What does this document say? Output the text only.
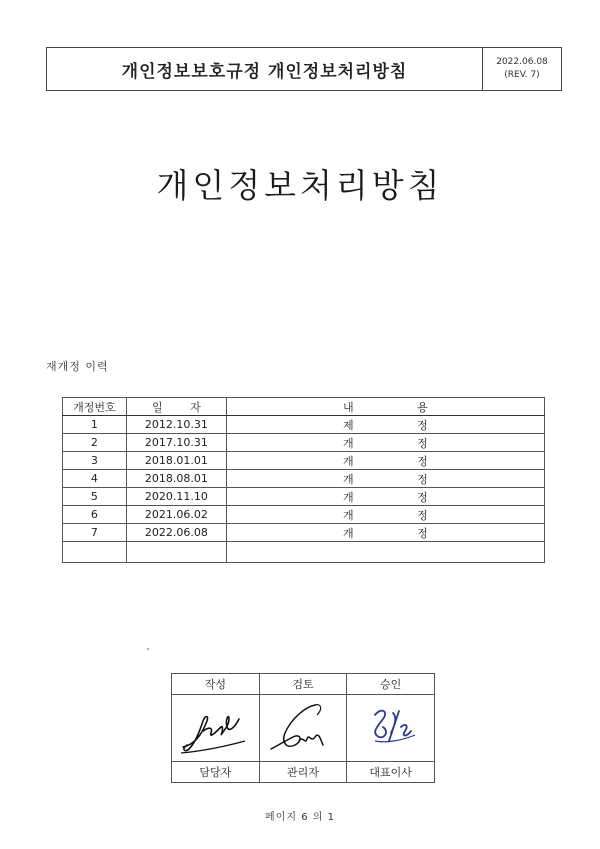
개인정보보호규정 개인정보처리방침	2022.06.08
(REV. 7)
개인정보처리방침
재개정 이력
개정번호	일 자	내 용
1	2012.10.31	제 정
2	2017.10.31	개 정
3	2018.01.01	개 정
4	2018.08.01	개 정
5	2020.11.10	개 정
6	2021.06.02	개 정
7	2022.06.08	개 정

작성	검토	승인

담당자	관리자	대표이사
페이지 6 의 1
